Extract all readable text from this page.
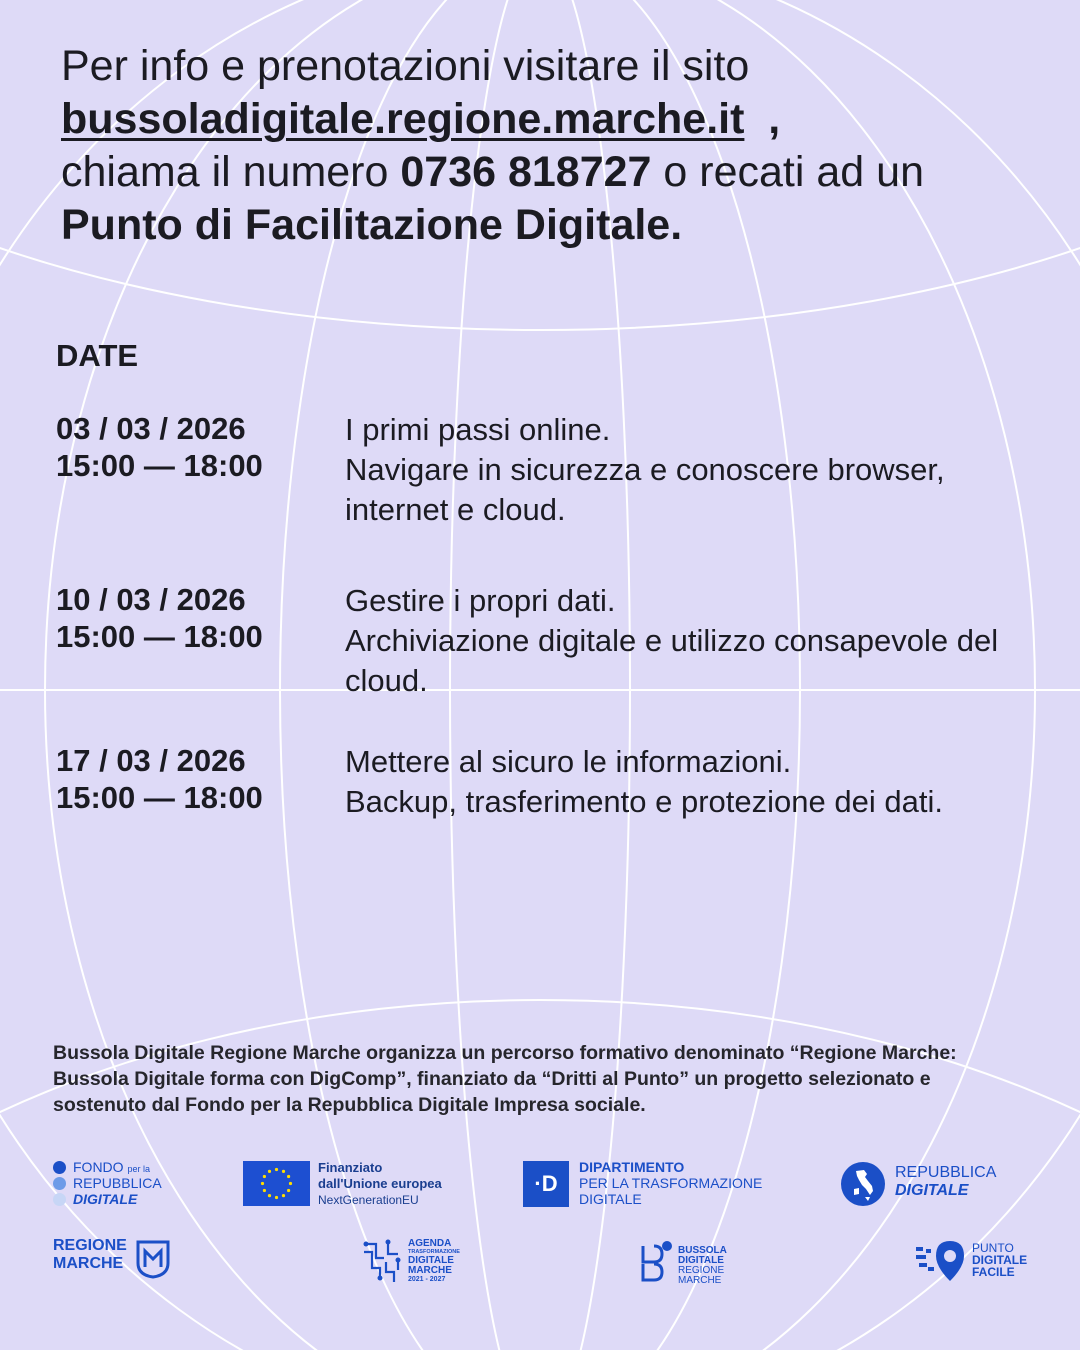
Per info e prenotazioni visitare il sito
bussoladigitale.regione.marche.it  ,
chiama il numero 0736 818727 o recati ad un
Punto di Facilitazione Digitale.
DATE
03 / 03 / 2026
15:00 — 18:00
I primi passi online.
Navigare in sicurezza e conoscere browser, internet e cloud.
10 / 03 / 2026
15:00 — 18:00
Gestire i propri dati.
Archiviazione digitale e utilizzo consapevole del cloud.
17 / 03 / 2026
15:00 — 18:00
Mettere al sicuro le informazioni.
Backup, trasferimento e protezione dei dati.
Bussola Digitale Regione Marche organizza un percorso formativo denominato “Regione Marche: Bussola Digitale forma con DigComp”, finanziato da “Dritti al Punto” un progetto selezionato e sostenuto dal Fondo per la Repubblica Digitale Impresa sociale.
FONDO per la
REPUBBLICA
DIGITALE
Finanziato
dall'Unione europea
NextGenerationEU
·D
DIPARTIMENTO
PER LA TRASFORMAZIONE
DIGITALE
REPUBBLICA
DIGITALE
REGIONE
MARCHE
AGENDA
TRASFORMAZIONE
DIGITALE
MARCHE
2021 - 2027
BUSSOLA
DIGITALE
REGIONE
MARCHE
PUNTO
DIGITALE
FACILE
